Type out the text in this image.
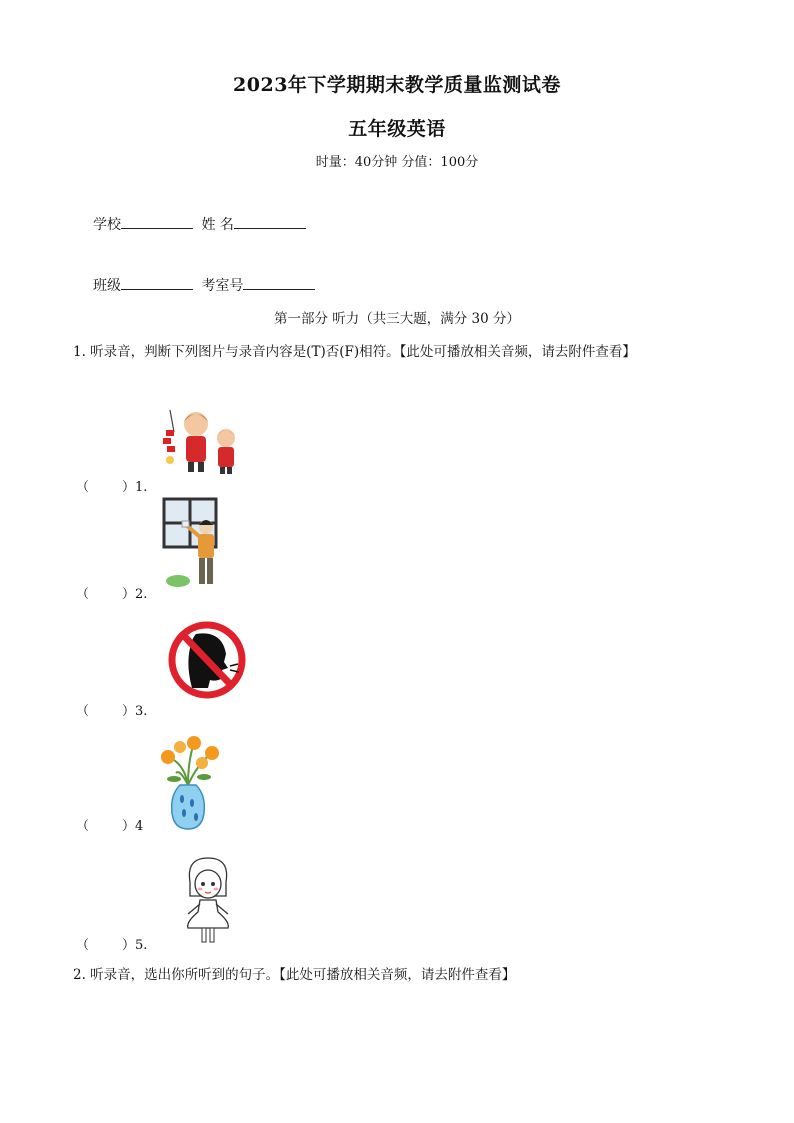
2023年下学期期末教学质量监测试卷
五年级英语
时量：40分钟 分值：100分
学校	姓 名
班级	考室号
第一部分 听力（共三大题，满分 30 分）
1. 听录音，判断下列图片与录音内容是(T)否(F)相符。【此处可播放相关音频，请去附件查看】
（	）1.
（	）2.
（	）3.
（	）4
（	）5.
2. 听录音，选出你所听到的句子。【此处可播放相关音频，请去附件查看】
